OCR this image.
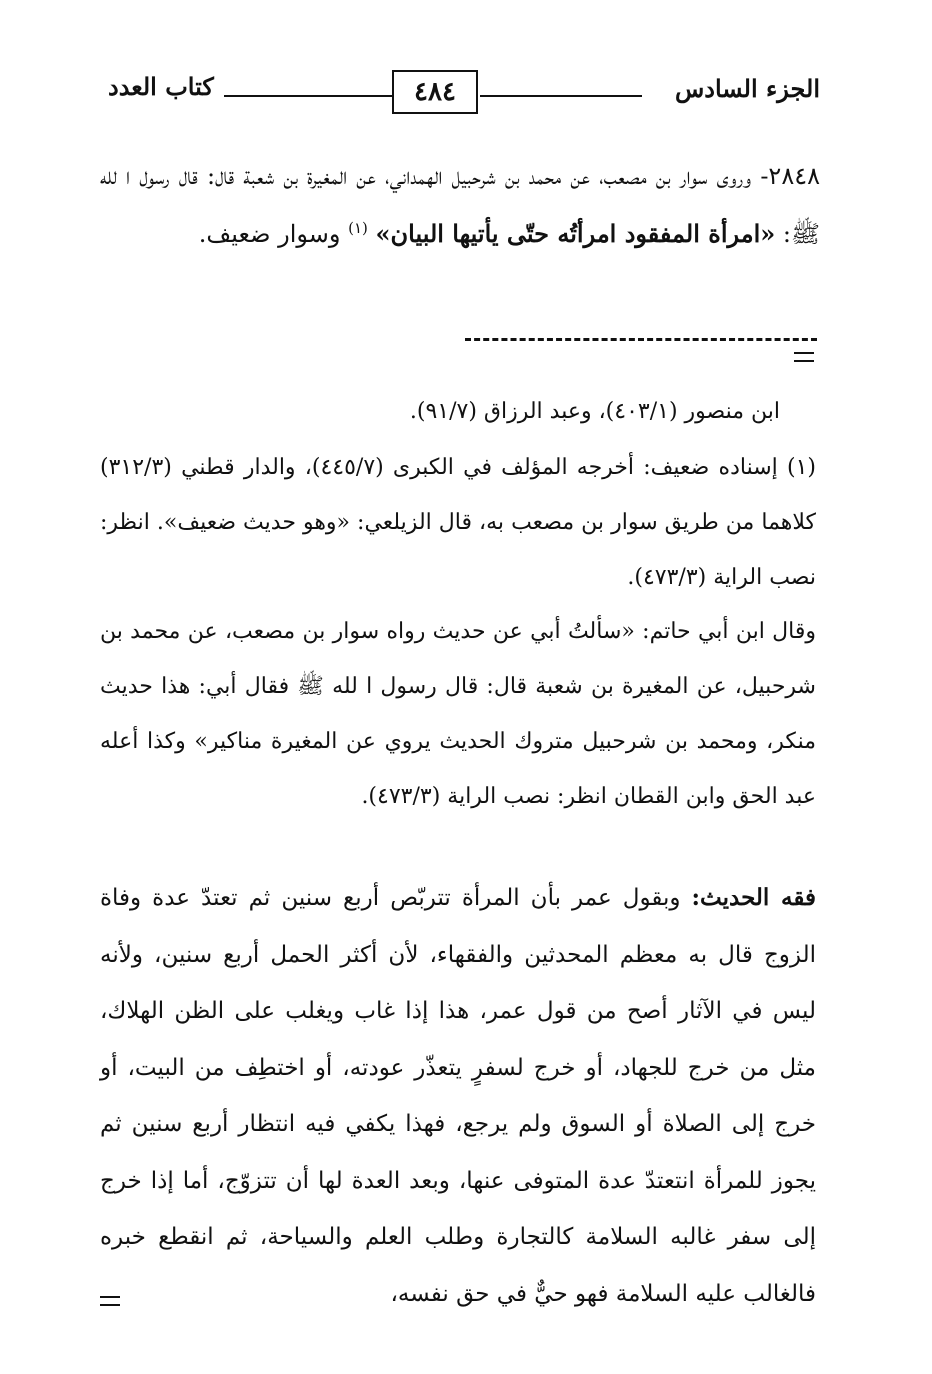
الجزء السادس
٤٨٤
كتاب العدد
٢٨٤٨- وروى سوار بن مصعب، عن محمد بن شرحبيل الهمداني، عن المغيرة بن شعبة قال: قال رسول ا لله ﷺ: «امرأة المفقود امرأتُه حتّى يأتيها البيان» $^{(١)}$ وسوار ضعيف.
ابن منصور (٤٠٣/١)، وعبد الرزاق (٩١/٧).
(١) إسناده ضعيف: أخرجه المؤلف في الكبرى (٤٤٥/٧)، والدار قطني (٣١٢/٣) كلاهما من طريق سوار بن مصعب به، قال الزيلعي: «وهو حديث ضعيف». انظر: نصب الراية (٤٧٣/٣).
وقال ابن أبي حاتم: «سألتُ أبي عن حديث رواه سوار بن مصعب، عن محمد بن شرحبيل، عن المغيرة بن شعبة قال: قال رسول ا لله ﷺ فقال أبي: هذا حديث منكر، ومحمد بن شرحبيل متروك الحديث يروي عن المغيرة مناكير» وكذا أعله عبد الحق وابن القطان انظر: نصب الراية (٤٧٣/٣).
فقه الحديث: وبقول عمر بأن المرأة تتربّص أربع سنين ثم تعتدّ عدة وفاة الزوج قال به معظم المحدثين والفقهاء، لأن أكثر الحمل أربع سنين، ولأنه ليس في الآثار أصح من قول عمر، هذا إذا غاب ويغلب على الظن الهلاك، مثل من خرج للجهاد، أو خرج لسفرٍ يتعذّر عودته، أو اختطِف من البيت، أو خرج إلى الصلاة أو السوق ولم يرجع، فهذا يكفي فيه انتظار أربع سنين ثم يجوز للمرأة انتعتدّ عدة المتوفى عنها، وبعد العدة لها أن تتزوّج، أما إذا خرج إلى سفر غالبه السلامة كالتجارة وطلب العلم والسياحة، ثم انقطع خبره فالغالب عليه السلامة فهو حيٌّ في حق نفسه،
